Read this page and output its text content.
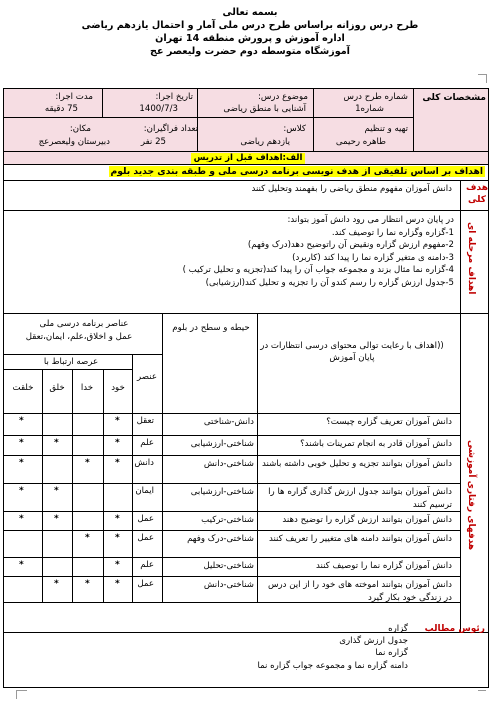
بسمه تعالی
طرح درس روزانه براساس طرح درس ملی آمار و احتمال یازدهم ریاضی
اداره آموزش و پرورش منطقه 14 تهران
آموزشگاه متوسطه دوم حضرت ولیعصر عج
مشخصات کلی
شماره طرح درس
شماره1
موضوع درس:
آشنایی با منطق ریاضی
تاریخ اجرا:
1400/7/3
مدت اجرا:
75 دقیقه
تهیه و تنظیم
طاهره رحیمی
کلاس:
یازدهم ریاضی
تعداد فراگیران:
25 نفر
مکان:
دبیرستان ولیعصرعج
الف:اهداف قبل از تدریس
اهداف بر اساس تلفیقی از هدف نویسی برنامه درسی ملی و طبقه بندی جدید بلوم
هدف کلی
دانش آموزان مفهوم منطق ریاضی را بفهمند وتحلیل کنند
اهداف مرحله ای
در پایان درس انتظار می رود دانش آموز بتواند:
1-گزاره وگزاره نما را توصیف کند.
2-مفهوم ارزش گزاره ونقیض آن راتوضیح دهد(درک وفهم)
3-دامنه ی متغیر گزاره نما را پیدا کند (کاربرد)
4-گزاره نما مثال بزند و مجموعه جواب آن را پیدا کند(تجزیه و تحلیل ترکیب )
5-جدول ارزش گزاره را رسم کندو آن را تجزیه و تحلیل کند(ارزشیابی)
هدفهای رفتاری آموزشی
((اهداف با رعایت توالی محتوای درسی انتظارات در پایان آموزش
حیطه و سطح در بلوم
عناصر برنامه درسی ملی
عمل و اخلاق،علم، ایمان،تعقل
عنصر
عرصه ارتباط با
خود
خدا
خلق
خلقت
دانش آموزان تعریف گزاره چیست؟
دانش-شناختی
تعقل
*
*
دانش آموزان قادر به انجام تمرینات باشند؟
شناختی-ارزشیابی
علم
*
*
*
دانش آموزان بتوانند تجزیه و تحلیل خوبی داشته باشند
شناختی-دانش
دانش
*
*
*
دانش آموزان بتوانند جدول ارزش گذاری گزاره ها را ترسیم کنند
شناختی-ارزشیابی
ایمان
*
*
دانش آموزان بتوانند ارزش گزاره را توضیح دهند
شناختی-ترکیب
عمل
*
*
*
دانش آموزان بتوانند دامنه های متغییر را تعریف کنند
شناختی-درک وفهم
عمل
*
*
دانش آموزان گزاره نما را توصیف کنند
شناختی-تحلیل
علم
*
*
دانش آموزان بتوانند اموخته های خود را از این درس در زندگی خود بکار گیرد
شناختی-دانش
عمل
*
*
*
رئوس مطالب
گزاره
جدول ارزش گذاری
گزاره نما
دامنه گزاره نما و مجموعه جواب گزاره نما
